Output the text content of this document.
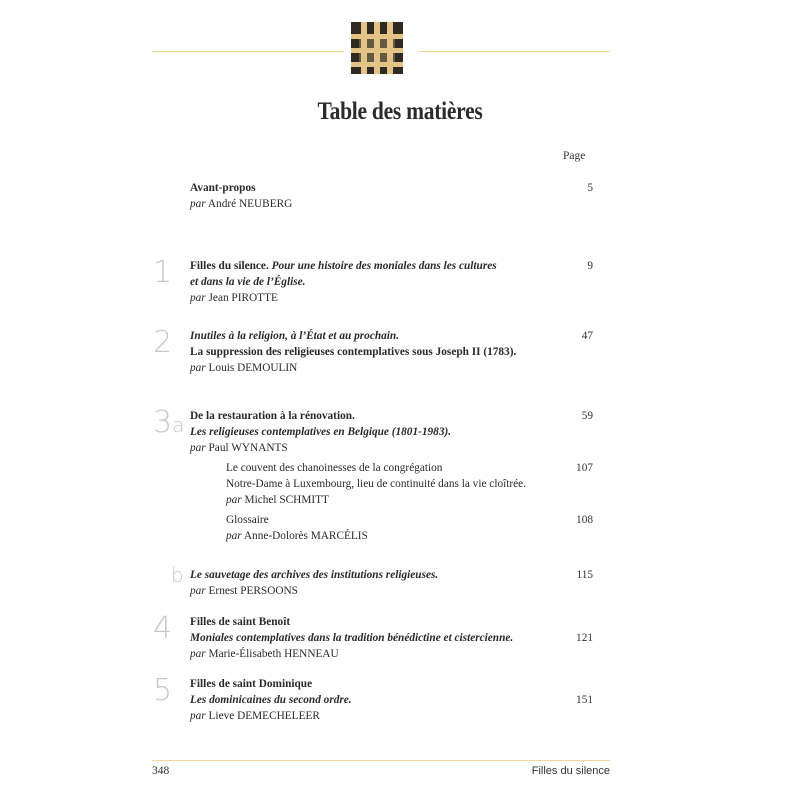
Table des matières
Page
Avant-propos
par André NEUBERG
5
1 Filles du silence. Pour une histoire des moniales dans les cultures
et dans la vie de l’Église.
par Jean PIROTTE
9
2 Inutiles à la religion, à l’État et au prochain.
La suppression des religieuses contemplatives sous Joseph II (1783).
par Louis DEMOULIN
47
3a De la restauration à la rénovation.
Les religieuses contemplatives en Belgique (1801-1983).
par Paul WYNANTS
59
Le couvent des chanoinesses de la congrégation
Notre-Dame à Luxembourg, lieu de continuité dans la vie cloîtrée.
par Michel SCHMITT
107
Glossaire
par Anne-Dolorès MARCÉLIS
108
b Le sauvetage des archives des institutions religieuses.
par Ernest PERSOONS
115
4 Filles de saint Benoît
Moniales contemplatives dans la tradition bénédictine et cistercienne.
par Marie-Élisabeth HENNEAU
121
5 Filles de saint Dominique
Les dominicaines du second ordre.
par Lieve DEMECHELEER
151
348	Filles du silence
